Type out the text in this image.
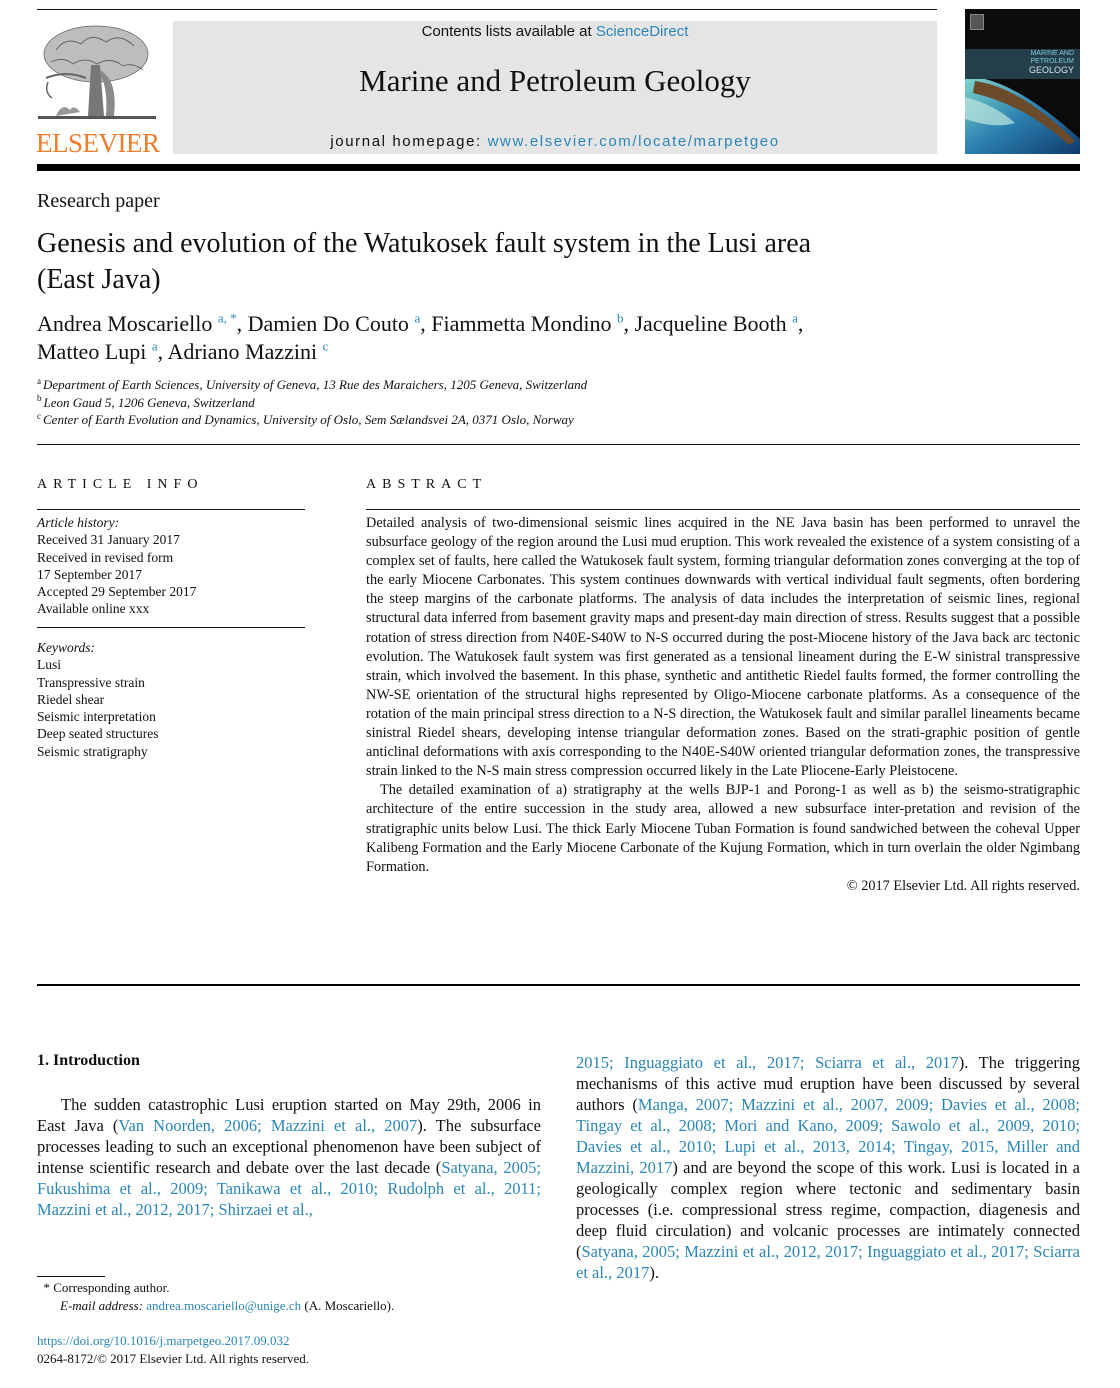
ELSEVIER
Contents lists available at ScienceDirect
Marine and Petroleum Geology
journal homepage: www.elsevier.com/locate/marpetgeo
MARINE AND
PETROLEUM
GEOLOGY
Research paper
Genesis and evolution of the Watukosek fault system in the Lusi area
(East Java)
Andrea Moscariello $^{a, *}$, Damien Do Couto $^a$, Fiammetta Mondino $^b$, Jacqueline Booth $^a$,
Matteo Lupi $^a$, Adriano Mazzini $^c$
$^a$ Department of Earth Sciences, University of Geneva, 13 Rue des Maraichers, 1205 Geneva, Switzerland
$^b$ Leon Gaud 5, 1206 Geneva, Switzerland
$^c$ Center of Earth Evolution and Dynamics, University of Oslo, Sem Sælandsvei 2A, 0371 Oslo, Norway
ARTICLE INFO	ABSTRACT
Article history:
Received 31 January 2017
Received in revised form
17 September 2017
Accepted 29 September 2017
Available online xxx
Keywords:
Lusi
Transpressive strain
Riedel shear
Seismic interpretation
Deep seated structures
Seismic stratigraphy

Detailed analysis of two-dimensional seismic lines acquired in the NE Java basin has been performed to unravel the subsurface geology of the region around the Lusi mud eruption. This work revealed the existence of a system consisting of a complex set of faults, here called the Watukosek fault system, forming triangular deformation zones converging at the top of the early Miocene Carbonates. This system continues downwards with vertical individual fault segments, often bordering the steep margins of the carbonate platforms. The analysis of data includes the interpretation of seismic lines, regional structural data inferred from basement gravity maps and present-day main direction of stress. Results suggest that a possible rotation of stress direction from N40E-S40W to N-S occurred during the post-Miocene history of the Java back arc tectonic evolution. The Watukosek fault system was first generated as a tensional lineament during the E-W sinistral transpressive strain, which involved the basement. In this phase, synthetic and antithetic Riedel faults formed, the former controlling the NW-SE orientation of the structural highs represented by Oligo-Miocene carbonate platforms. As a consequence of the rotation of the main principal stress direction to a N-S direction, the Watukosek fault and similar parallel lineaments became sinistral Riedel shears, developing intense triangular deformation zones. Based on the strati-graphic position of gentle anticlinal deformations with axis corresponding to the N40E-S40W oriented triangular deformation zones, the transpressive strain linked to the N-S main stress compression occurred likely in the Late Pliocene-Early Pleistocene.

The detailed examination of a) stratigraphy at the wells BJP-1 and Porong-1 as well as b) the seismo-stratigraphic architecture of the entire succession in the study area, allowed a new subsurface inter-pretation and revision of the stratigraphic units below Lusi. The thick Early Miocene Tuban Formation is found sandwiched between the coheval Upper Kalibeng Formation and the Early Miocene Carbonate of the Kujung Formation, which in turn overlain the older Ngimbang Formation.

© 2017 Elsevier Ltd. All rights reserved.

1. Introduction

The sudden catastrophic Lusi eruption started on May 29th, 2006 in East Java (Van Noorden, 2006; Mazzini et al., 2007). The subsurface processes leading to such an exceptional phenomenon have been subject of intense scientific research and debate over the last decade (Satyana, 2005; Fukushima et al., 2009; Tanikawa et al., 2010; Rudolph et al., 2011; Mazzini et al., 2012, 2017; Shirzaei et al.,

2015; Inguaggiato et al., 2017; Sciarra et al., 2017). The triggering mechanisms of this active mud eruption have been discussed by several authors (Manga, 2007; Mazzini et al., 2007, 2009; Davies et al., 2008; Tingay et al., 2008; Mori and Kano, 2009; Sawolo et al., 2009, 2010; Davies et al., 2010; Lupi et al., 2013, 2014; Tingay, 2015, Miller and Mazzini, 2017) and are beyond the scope of this work. Lusi is located in a geologically complex region where tectonic and sedimentary basin processes (i.e. compressional stress regime, compaction, diagenesis and deep fluid circulation) and volcanic processes are intimately connected (Satyana, 2005; Mazzini et al., 2012, 2017; Inguaggiato et al., 2017; Sciarra et al., 2017).

* Corresponding author.
E-mail address: andrea.moscariello@unige.ch (A. Moscariello).
https://doi.org/10.1016/j.marpetgeo.2017.09.032
0264-8172/© 2017 Elsevier Ltd. All rights reserved.
